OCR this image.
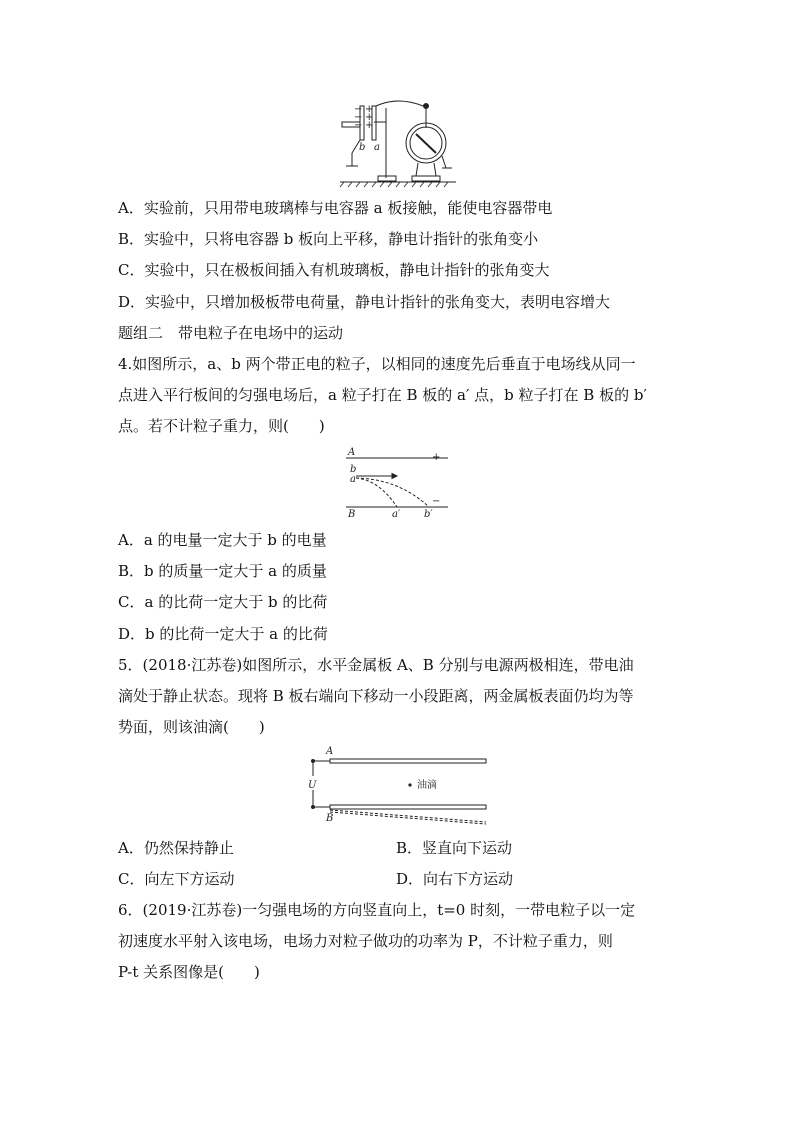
+
+
+
−
−
−
b a
A．实验前，只用带电玻璃棒与电容器 a 板接触，能使电容器带电
B．实验中，只将电容器 b 板向上平移，静电计指针的张角变小
C．实验中，只在极板间插入有机玻璃板，静电计指针的张角变大
D．实验中，只增加极板带电荷量，静电计指针的张角变大，表明电容增大
题组二　带电粒子在电场中的运动
4.如图所示，a、b 两个带正电的粒子，以相同的速度先后垂直于电场线从同一
点进入平行板间的匀强电场后，a 粒子打在 B 板的 a′ 点，b 粒子打在 B 板的 b′
点。若不计粒子重力，则(　　)
A	+
b
a
−
B	a′ b′
A．a 的电量一定大于 b 的电量
B．b 的质量一定大于 a 的质量
C．a 的比荷一定大于 b 的比荷
D．b 的比荷一定大于 a 的比荷
5．(2018·江苏卷)如图所示，水平金属板 A、B 分别与电源两极相连，带电油
滴处于静止状态。现将 B 板右端向下移动一小段距离，两金属板表面仍均为等
势面，则该油滴(　　)
A
U
B
油滴
A．仍然保持静止	B．竖直向下运动
C．向左下方运动	D．向右下方运动
6．(2019·江苏卷)一匀强电场的方向竖直向上，t=0 时刻，一带电粒子以一定
初速度水平射入该电场，电场力对粒子做功的功率为 P，不计粒子重力，则
P-t 关系图像是(　　)
